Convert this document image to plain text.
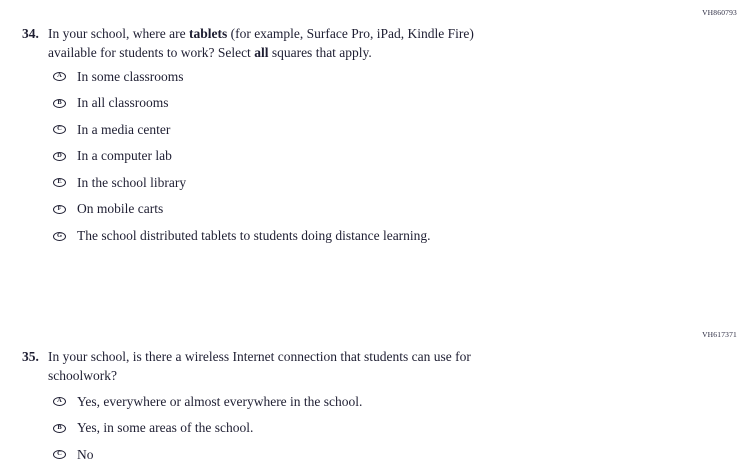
VH860793
34. In your school, where are tablets (for example, Surface Pro, iPad, Kindle Fire)
available for students to work? Select all squares that apply.
A	In some classrooms
B	In all classrooms
C	In a media center
D	In a computer lab
E	In the school library
F	On mobile carts
G The school distributed tablets to students doing distance learning.
VH617371
35. In your school, is there a wireless Internet connection that students can use for
schoolwork?
A	Yes, everywhere or almost everywhere in the school.
B	Yes, in some areas of the school.
C	No
